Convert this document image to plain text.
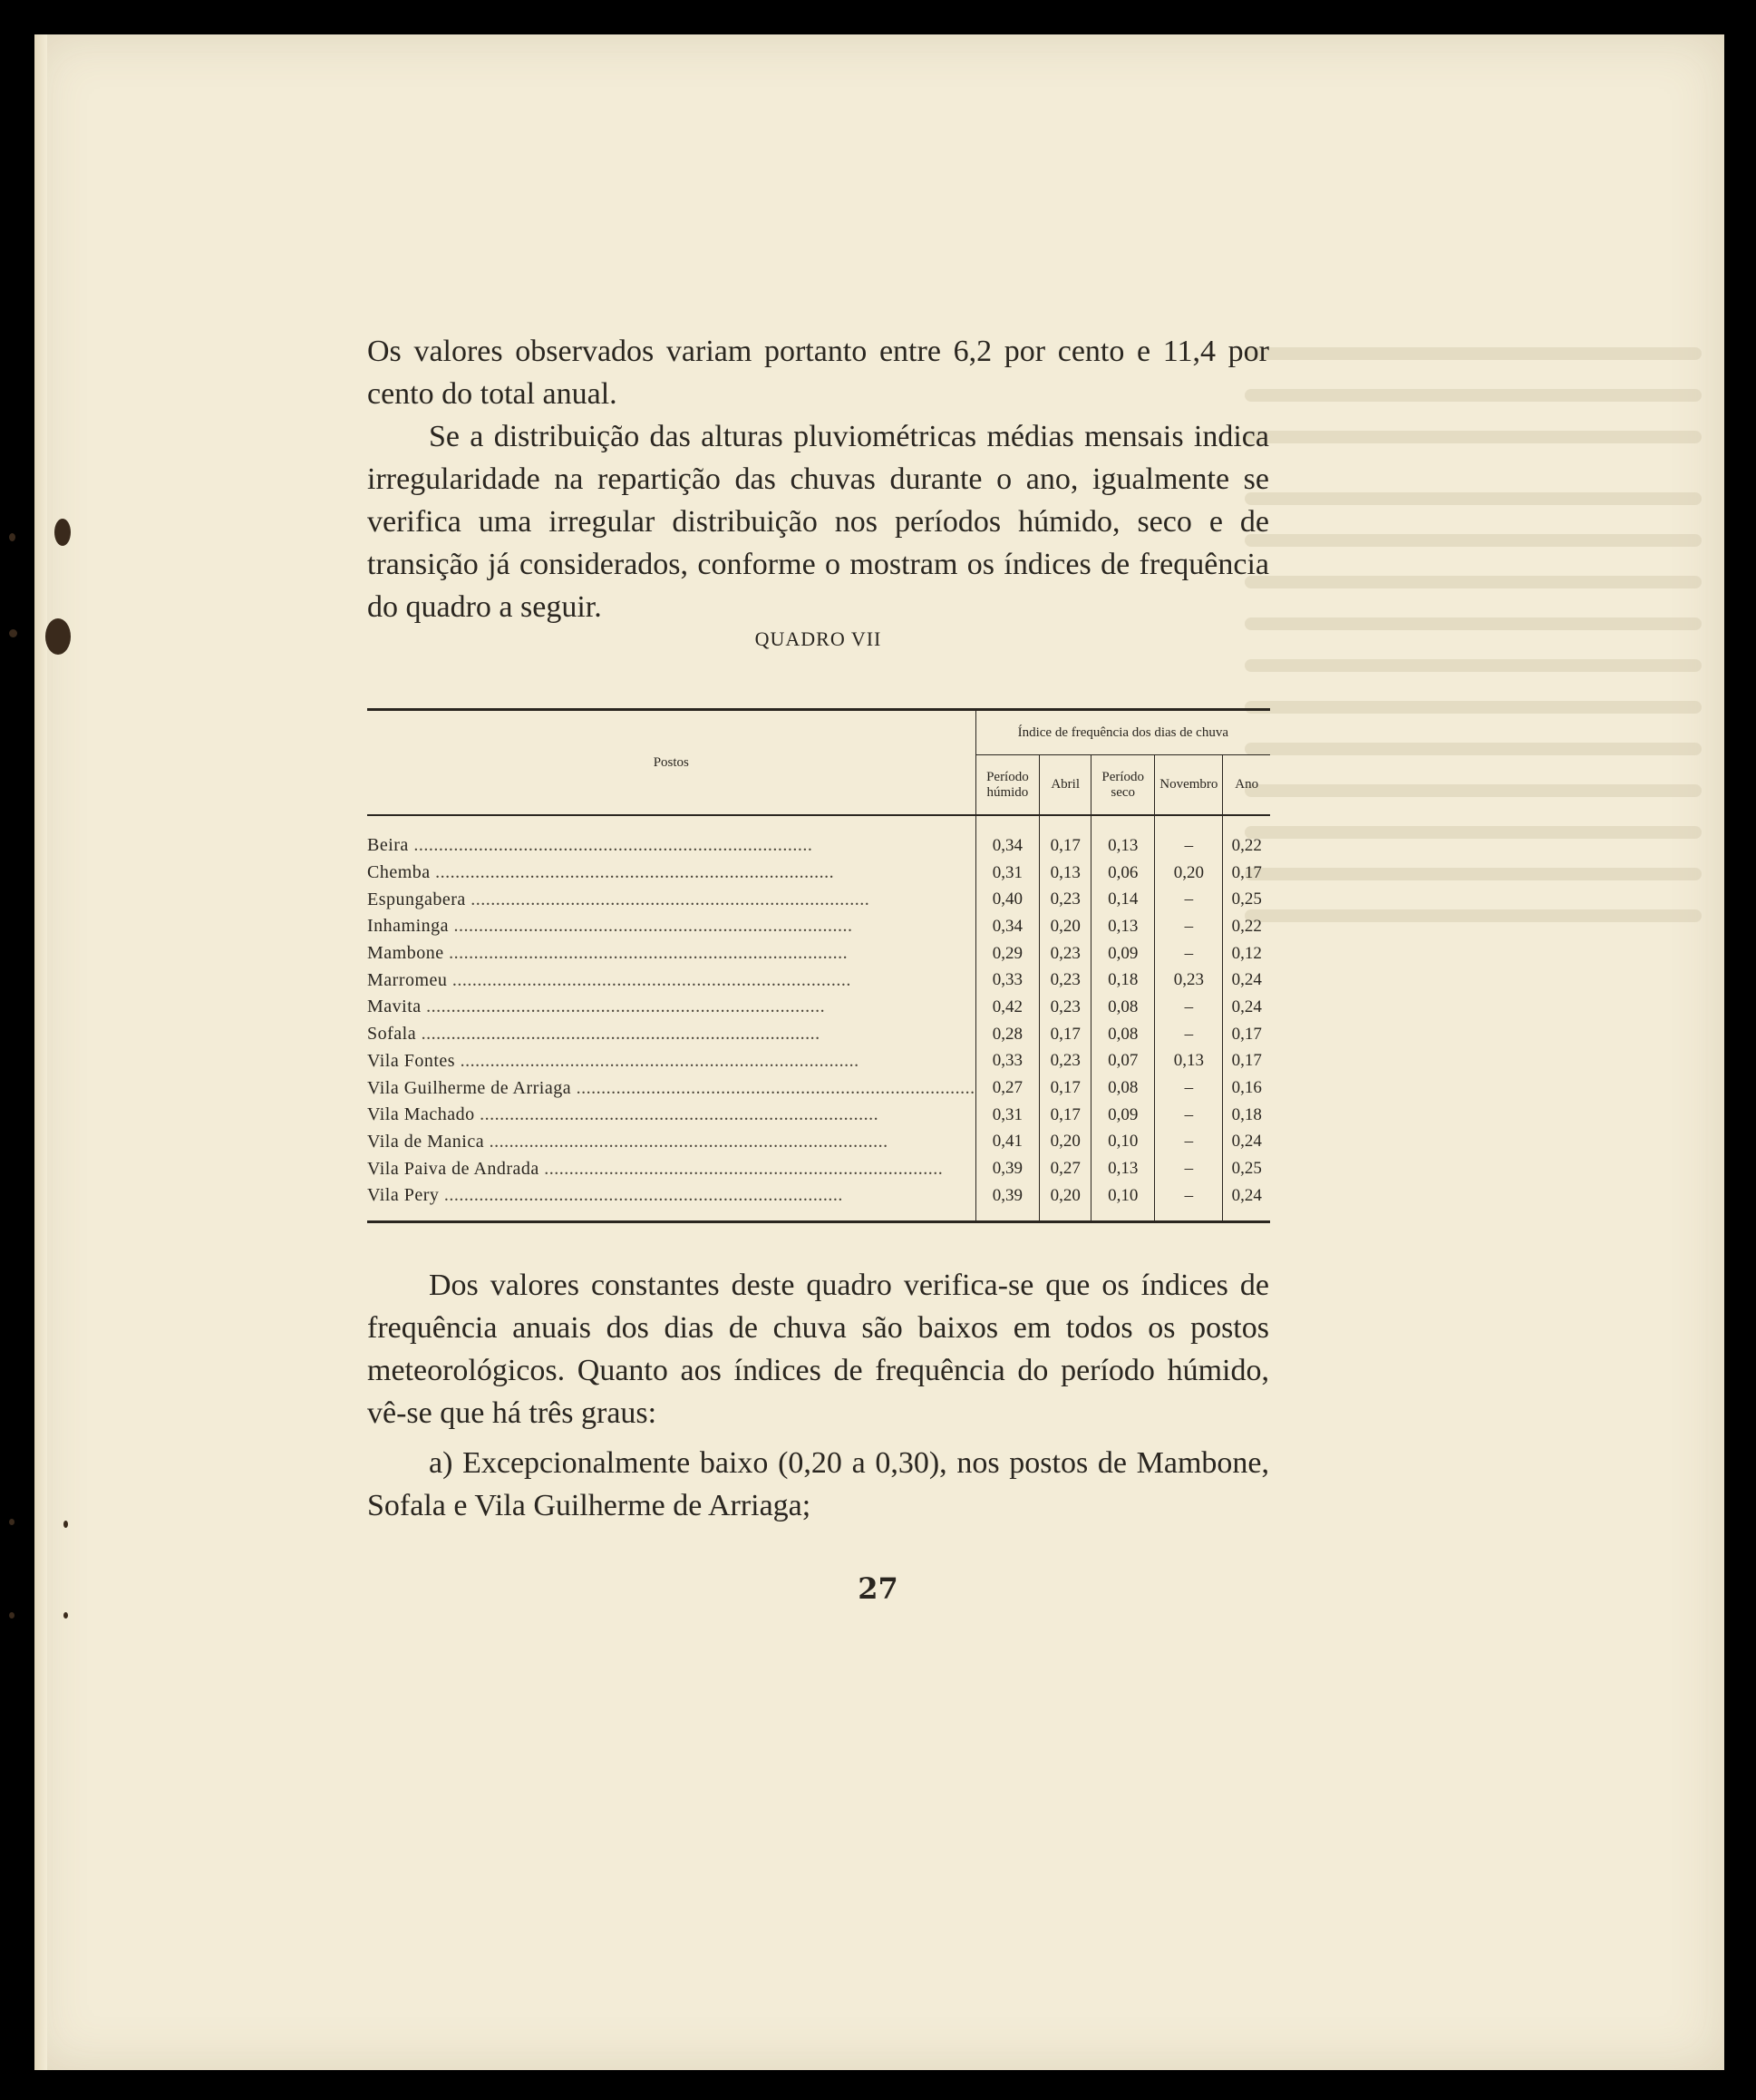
Os valores observados variam portanto entre 6,2 por cento e 11,4 por cento do total anual.

Se a distribuição das alturas pluviométricas médias mensais indica irregularidade na repartição das chuvas durante o ano, igualmente se verifica uma irregular distribuição nos períodos húmido, seco e de transição já considerados, conforme o mostram os índices de frequência do quadro a seguir.

QUADRO VII
Postos	Índice de frequência dos dias de chuva				
	Período húmido	Abril	Período seco	Novembro	Ano

Beira ................................................................................	0,34	0,17	0,13	–	0,22
Chemba ................................................................................	0,31	0,13	0,06	0,20	0,17
Espungabera ................................................................................	0,40	0,23	0,14	–	0,25
Inhaminga ................................................................................	0,34	0,20	0,13	–	0,22
Mambone ................................................................................	0,29	0,23	0,09	–	0,12
Marromeu ................................................................................	0,33	0,23	0,18	0,23	0,24
Mavita ................................................................................	0,42	0,23	0,08	–	0,24
Sofala ................................................................................	0,28	0,17	0,08	–	0,17
Vila Fontes ................................................................................	0,33	0,23	0,07	0,13	0,17
Vila Guilherme de Arriaga ................................................................................	0,27	0,17	0,08	–	0,16
Vila Machado ................................................................................	0,31	0,17	0,09	–	0,18
Vila de Manica ................................................................................	0,41	0,20	0,10	–	0,24
Vila Paiva de Andrada ................................................................................	0,39	0,27	0,13	–	0,25
Vila Pery ................................................................................	0,39	0,20	0,10	–	0,24

Dos valores constantes deste quadro verifica-se que os índices de frequência anuais dos dias de chuva são baixos em todos os postos meteorológicos. Quanto aos índices de frequência do período húmido, vê-se que há três graus:

a) Excepcionalmente baixo (0,20 a 0,30), nos postos de Mambone, Sofala e Vila Guilherme de Arriaga;

27
